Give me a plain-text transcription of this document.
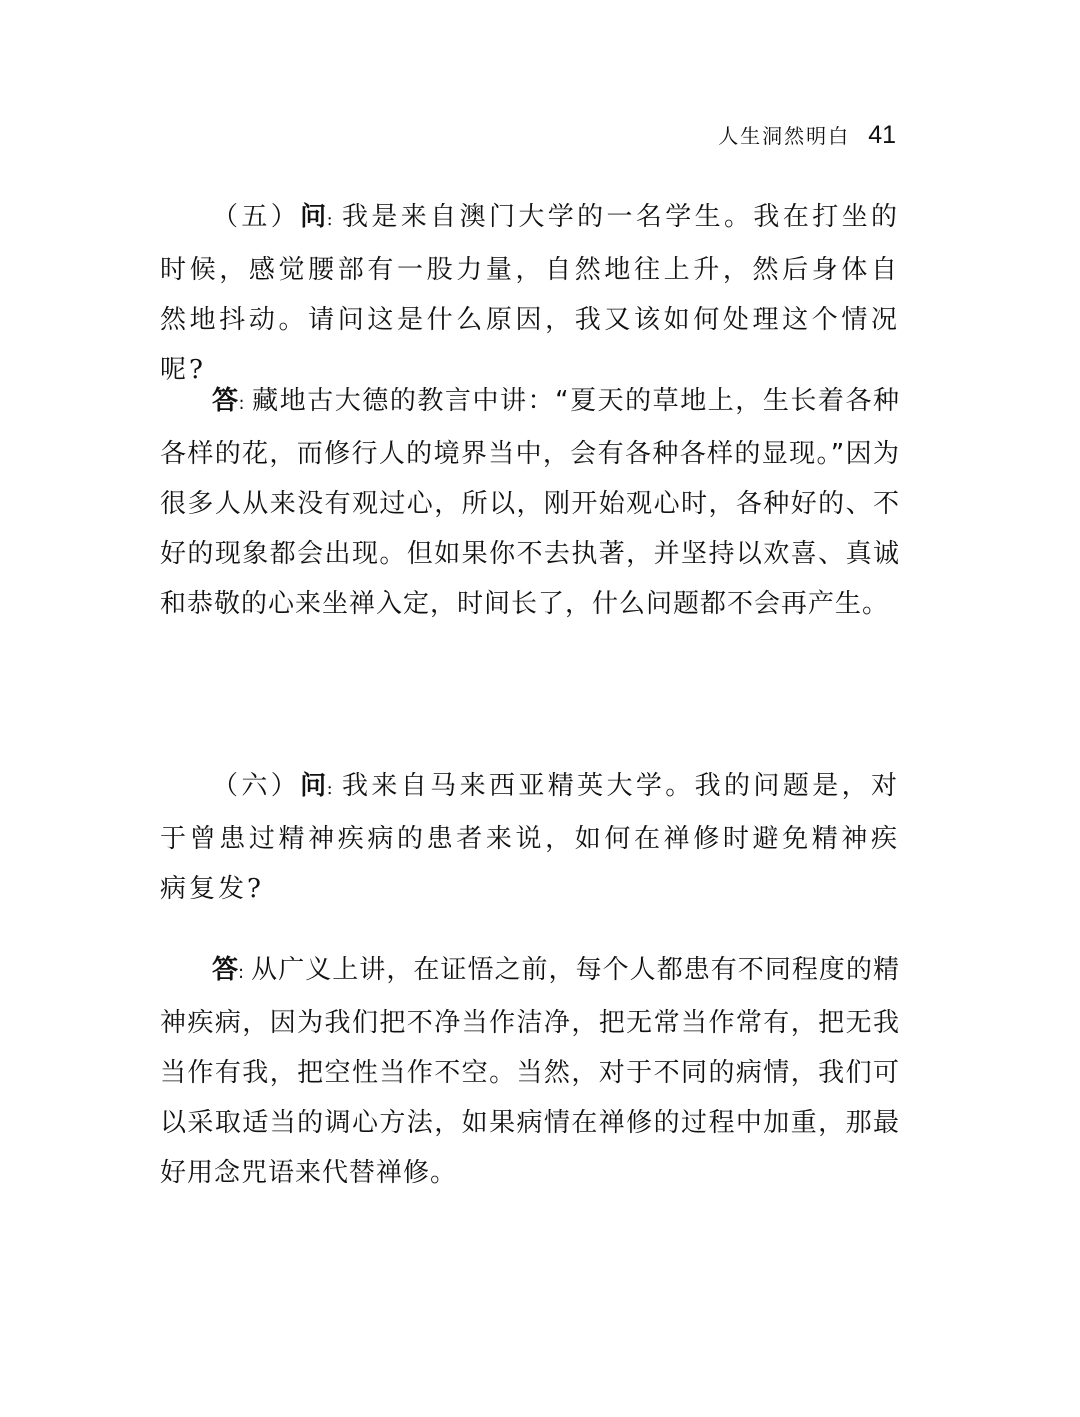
人生洞然明白 41

（五）问: 我是来自澳门大学的一名学生。我在打坐的时候，感觉腰部有一股力量，自然地往上升，然后身体自然地抖动。请问这是什么原因，我又该如何处理这个情况呢?

答: 藏地古大德的教言中讲：“夏天的草地上，生长着各种各样的花，而修行人的境界当中，会有各种各样的显现。”因为很多人从来没有观过心，所以，刚开始观心时，各种好的、不好的现象都会出现。但如果你不去执著，并坚持以欢喜、真诚和恭敬的心来坐禅入定，时间长了，什么问题都不会再产生。

（六）问: 我来自马来西亚精英大学。我的问题是，对于曾患过精神疾病的患者来说，如何在禅修时避免精神疾病复发?

答: 从广义上讲，在证悟之前，每个人都患有不同程度的精神疾病，因为我们把不净当作洁净，把无常当作常有，把无我当作有我，把空性当作不空。当然，对于不同的病情，我们可以采取适当的调心方法，如果病情在禅修的过程中加重，那最好用念咒语来代替禅修。
